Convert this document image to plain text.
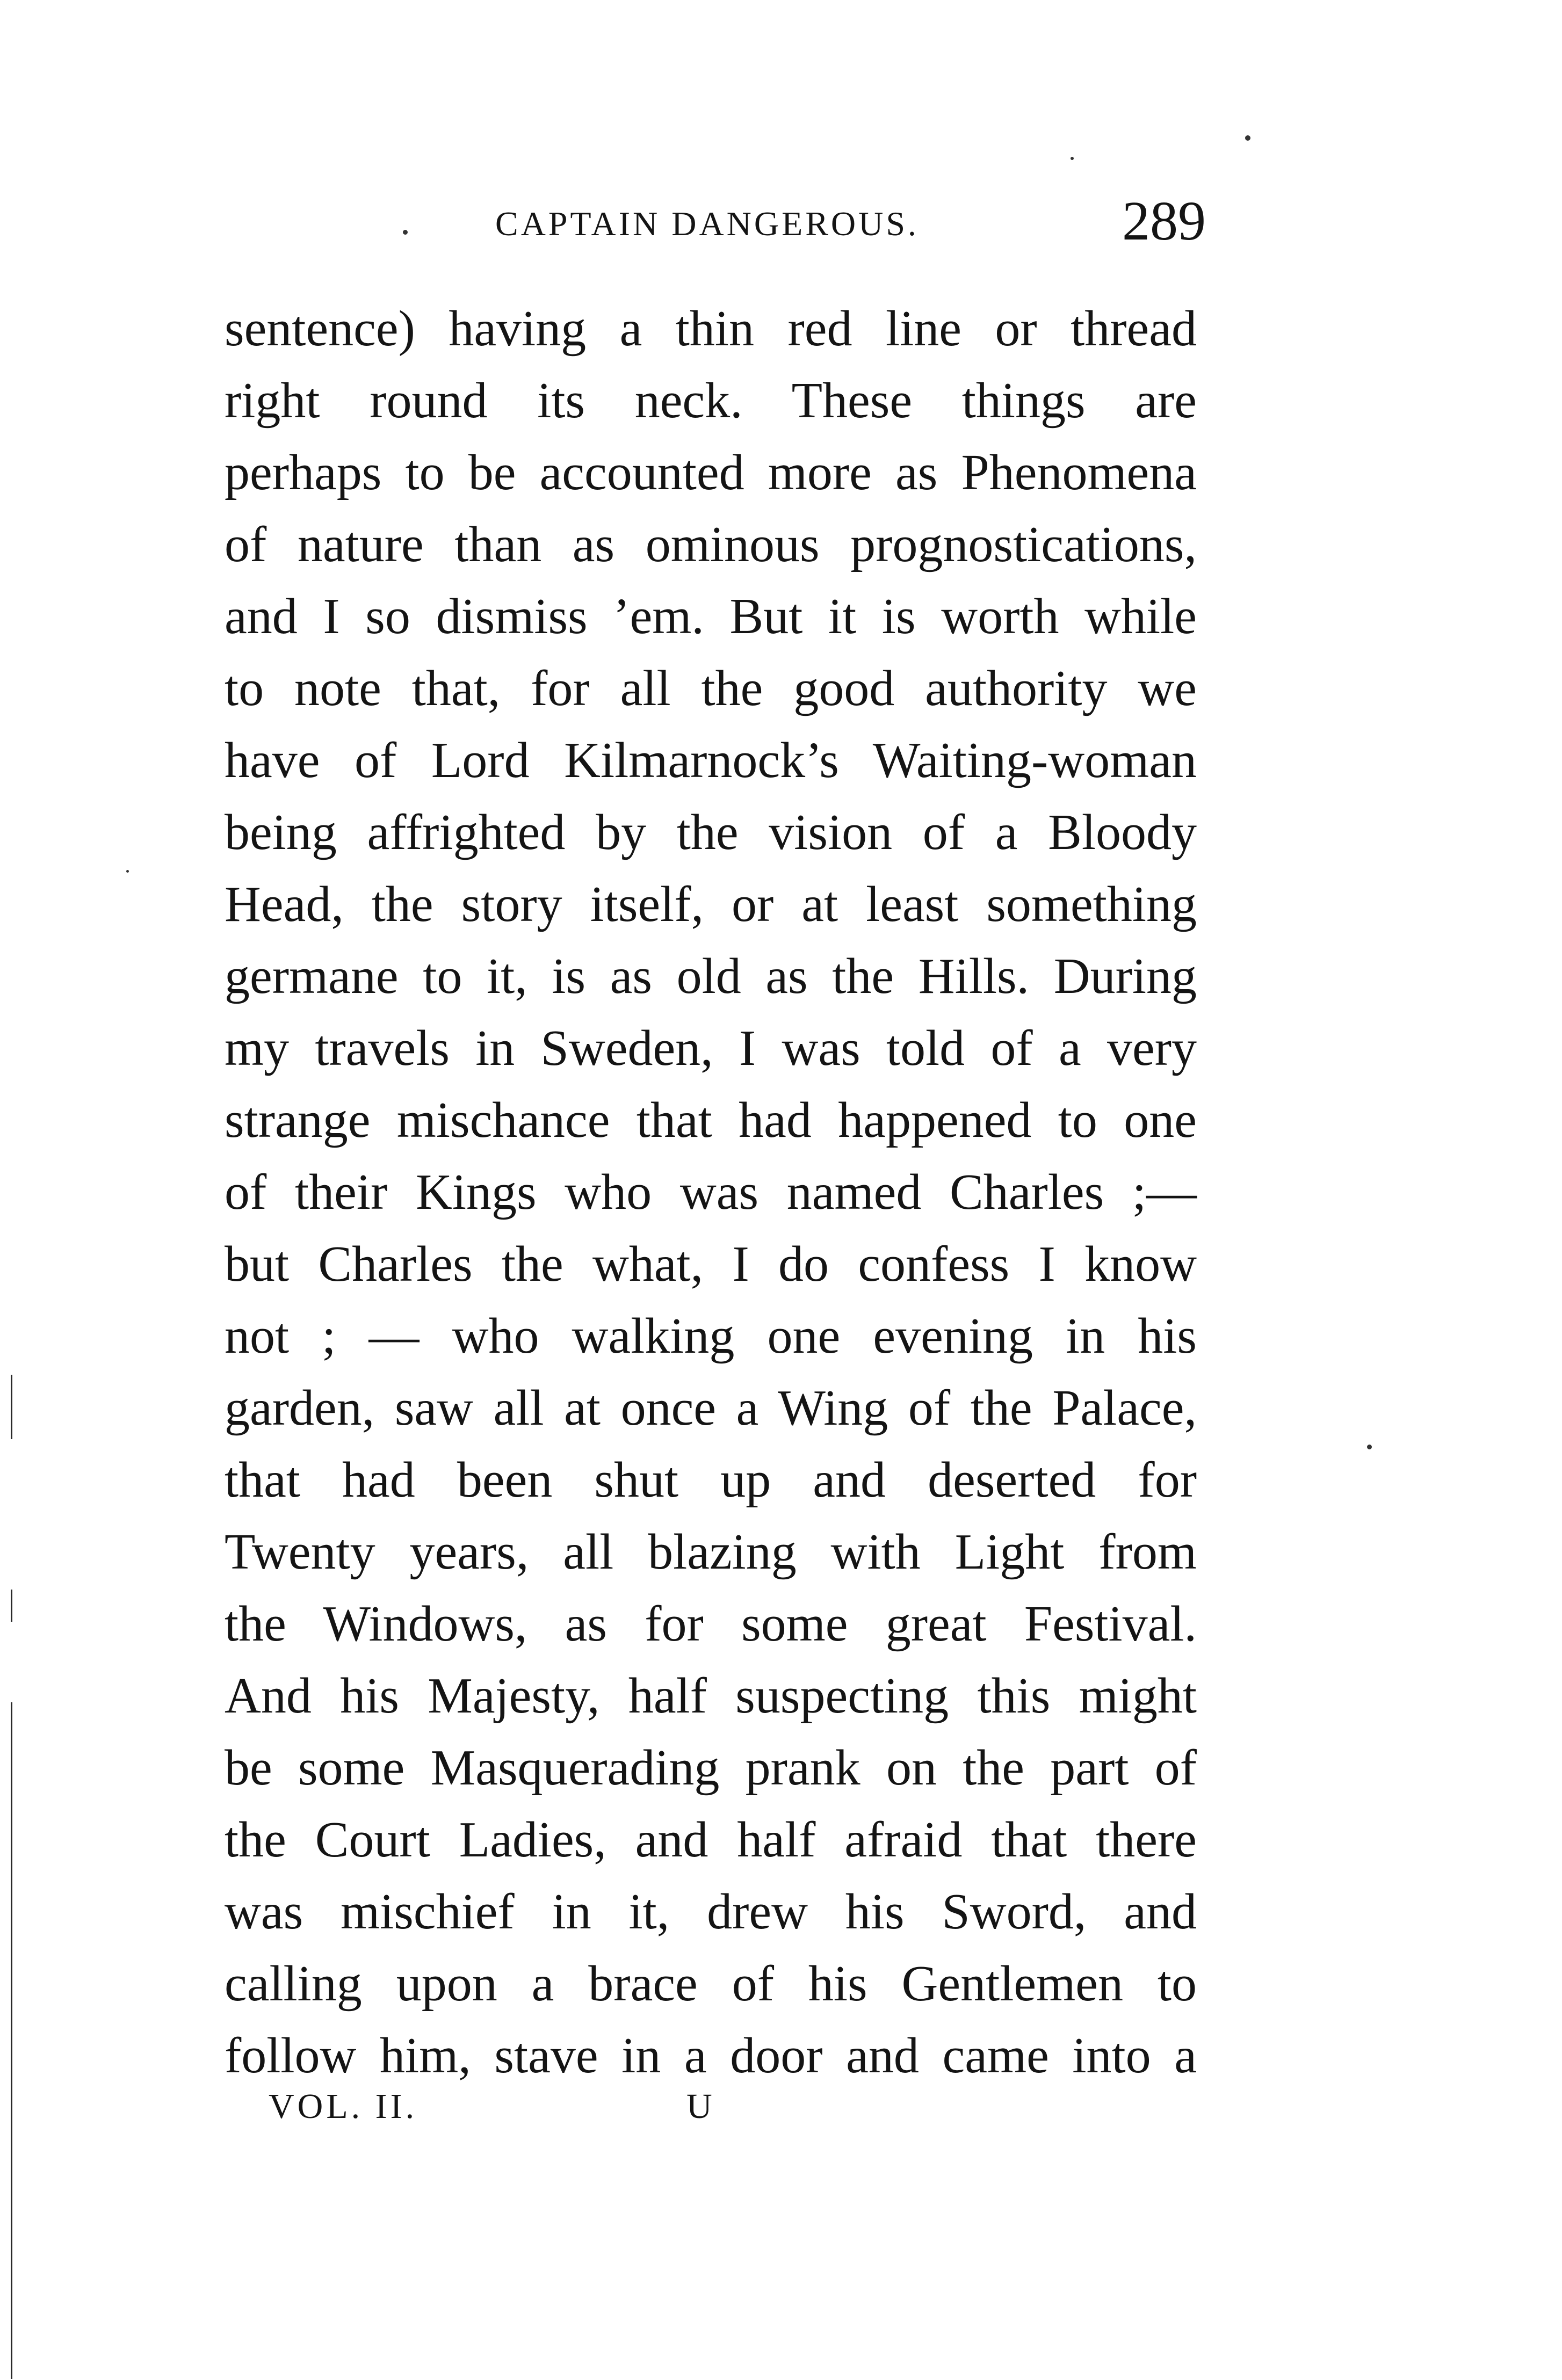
CAPTAIN DANGEROUS.	289
sentence) having a thin red line or thread
right round its neck. These things are
perhaps to be accounted more as Phenomena
of nature than as ominous prognostications,
and I so dismiss ’em. But it is worth while
to note that, for all the good authority we
have of Lord Kilmarnock’s Waiting-woman
being affrighted by the vision of a Bloody
Head, the story itself, or at least something
germane to it, is as old as the Hills. During
my travels in Sweden, I was told of a very
strange mischance that had happened to one
of their Kings who was named Charles ;—
but Charles the what, I do confess I know
not ; — who walking one evening in his
garden, saw all at once a Wing of the Palace,
that had been shut up and deserted for
Twenty years, all blazing with Light from
the Windows, as for some great Festival.
And his Majesty, half suspecting this might
be some Masquerading prank on the part of
the Court Ladies, and half afraid that there
was mischief in it, drew his Sword, and
calling upon a brace of his Gentlemen to
follow him, stave in a door and came into a
VOL. II.	U
